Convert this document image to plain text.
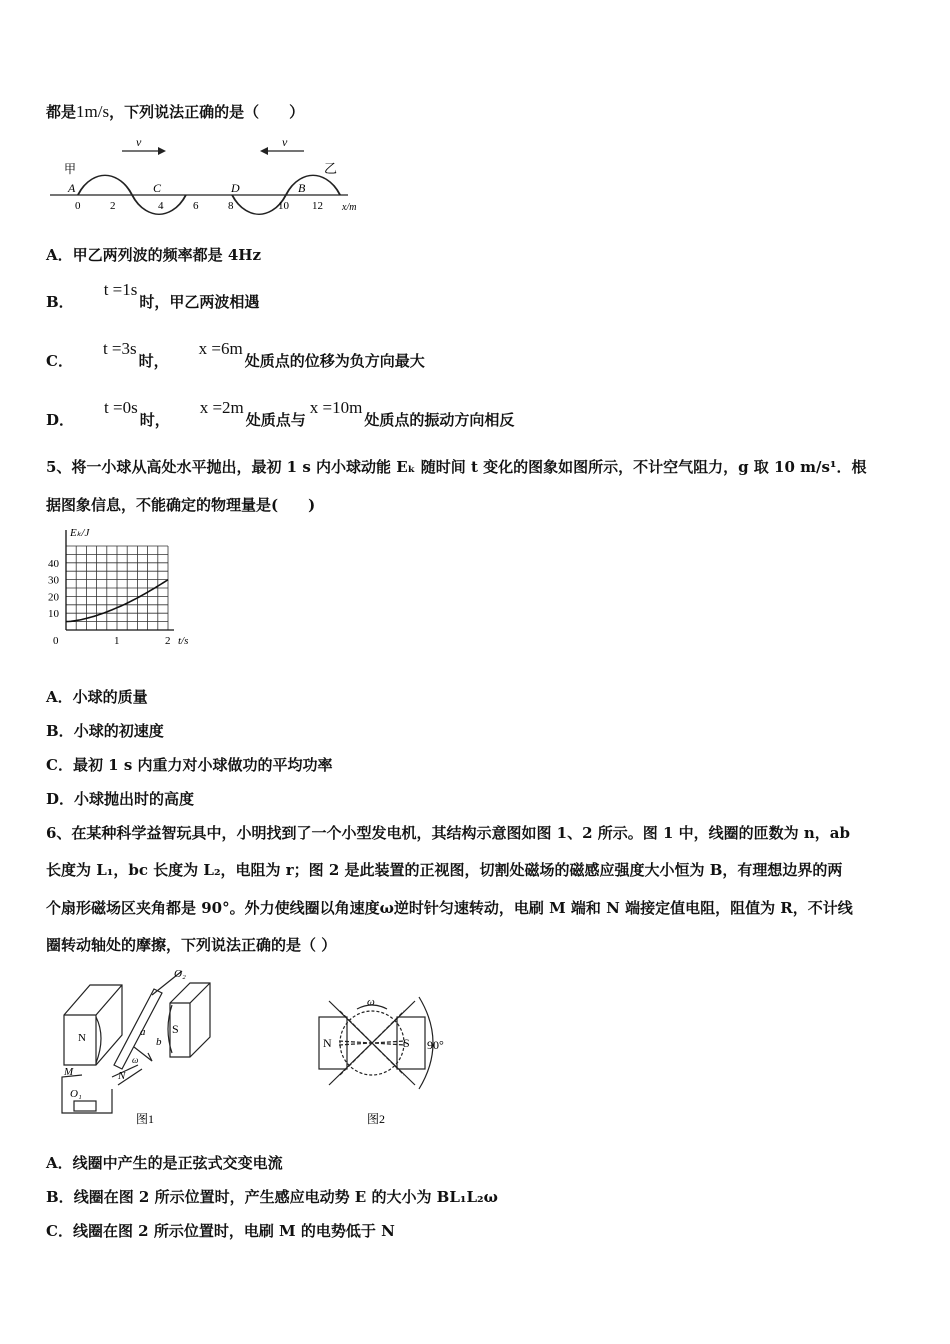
都是1m/s，下列说法正确的是（　　）
v	v
甲	乙
A	C	D	B
0	2	4	6	8	10 12 x/m
A．甲乙两列波的频率都是 4Hz
B．t =1s时，甲乙两波相遇
C．t =3s时，x =6m处质点的位移为负方向最大
D．t =0s时，x =2m处质点与x =10m处质点的振动方向相反
5、将一小球从高处水平抛出，最初 1 s 内小球动能 Eₖ 随时间 t 变化的图象如图所示，不计空气阻力，g 取 10 m/s¹．根
据图象信息，不能确定的物理量是(　　)
10
20
30
40
0	1	2
Eₖ/J
t/s
A．小球的质量
B．小球的初速度
C．最初 1 s 内重力对小球做功的平均功率
D．小球抛出时的高度
6、在某种科学益智玩具中，小明找到了一个小型发电机，其结构示意图如图 1、2 所示。图 1 中，线圈的匝数为 n，ab
长度为 L₁，bc 长度为 L₂，电阻为 r；图 2 是此装置的正视图，切割处磁场的磁感应强度大小恒为 B，有理想边界的两
个扇形磁场区夹角都是 90°。外力使线圈以角速度ω逆时针匀速转动，电刷 M 端和 N 端接定值电阻，阻值为 R，不计线
圈转动轴处的摩擦，下列说法正确的是（ ）
O₂
a
b
N
S
M	N
O₁
ω
图1
ω
N	S 90°
图2
A．线圈中产生的是正弦式交变电流
B．线圈在图 2 所示位置时，产生感应电动势 E 的大小为 BL₁L₂ω
C．线圈在图 2 所示位置时，电刷 M 的电势低于 N
